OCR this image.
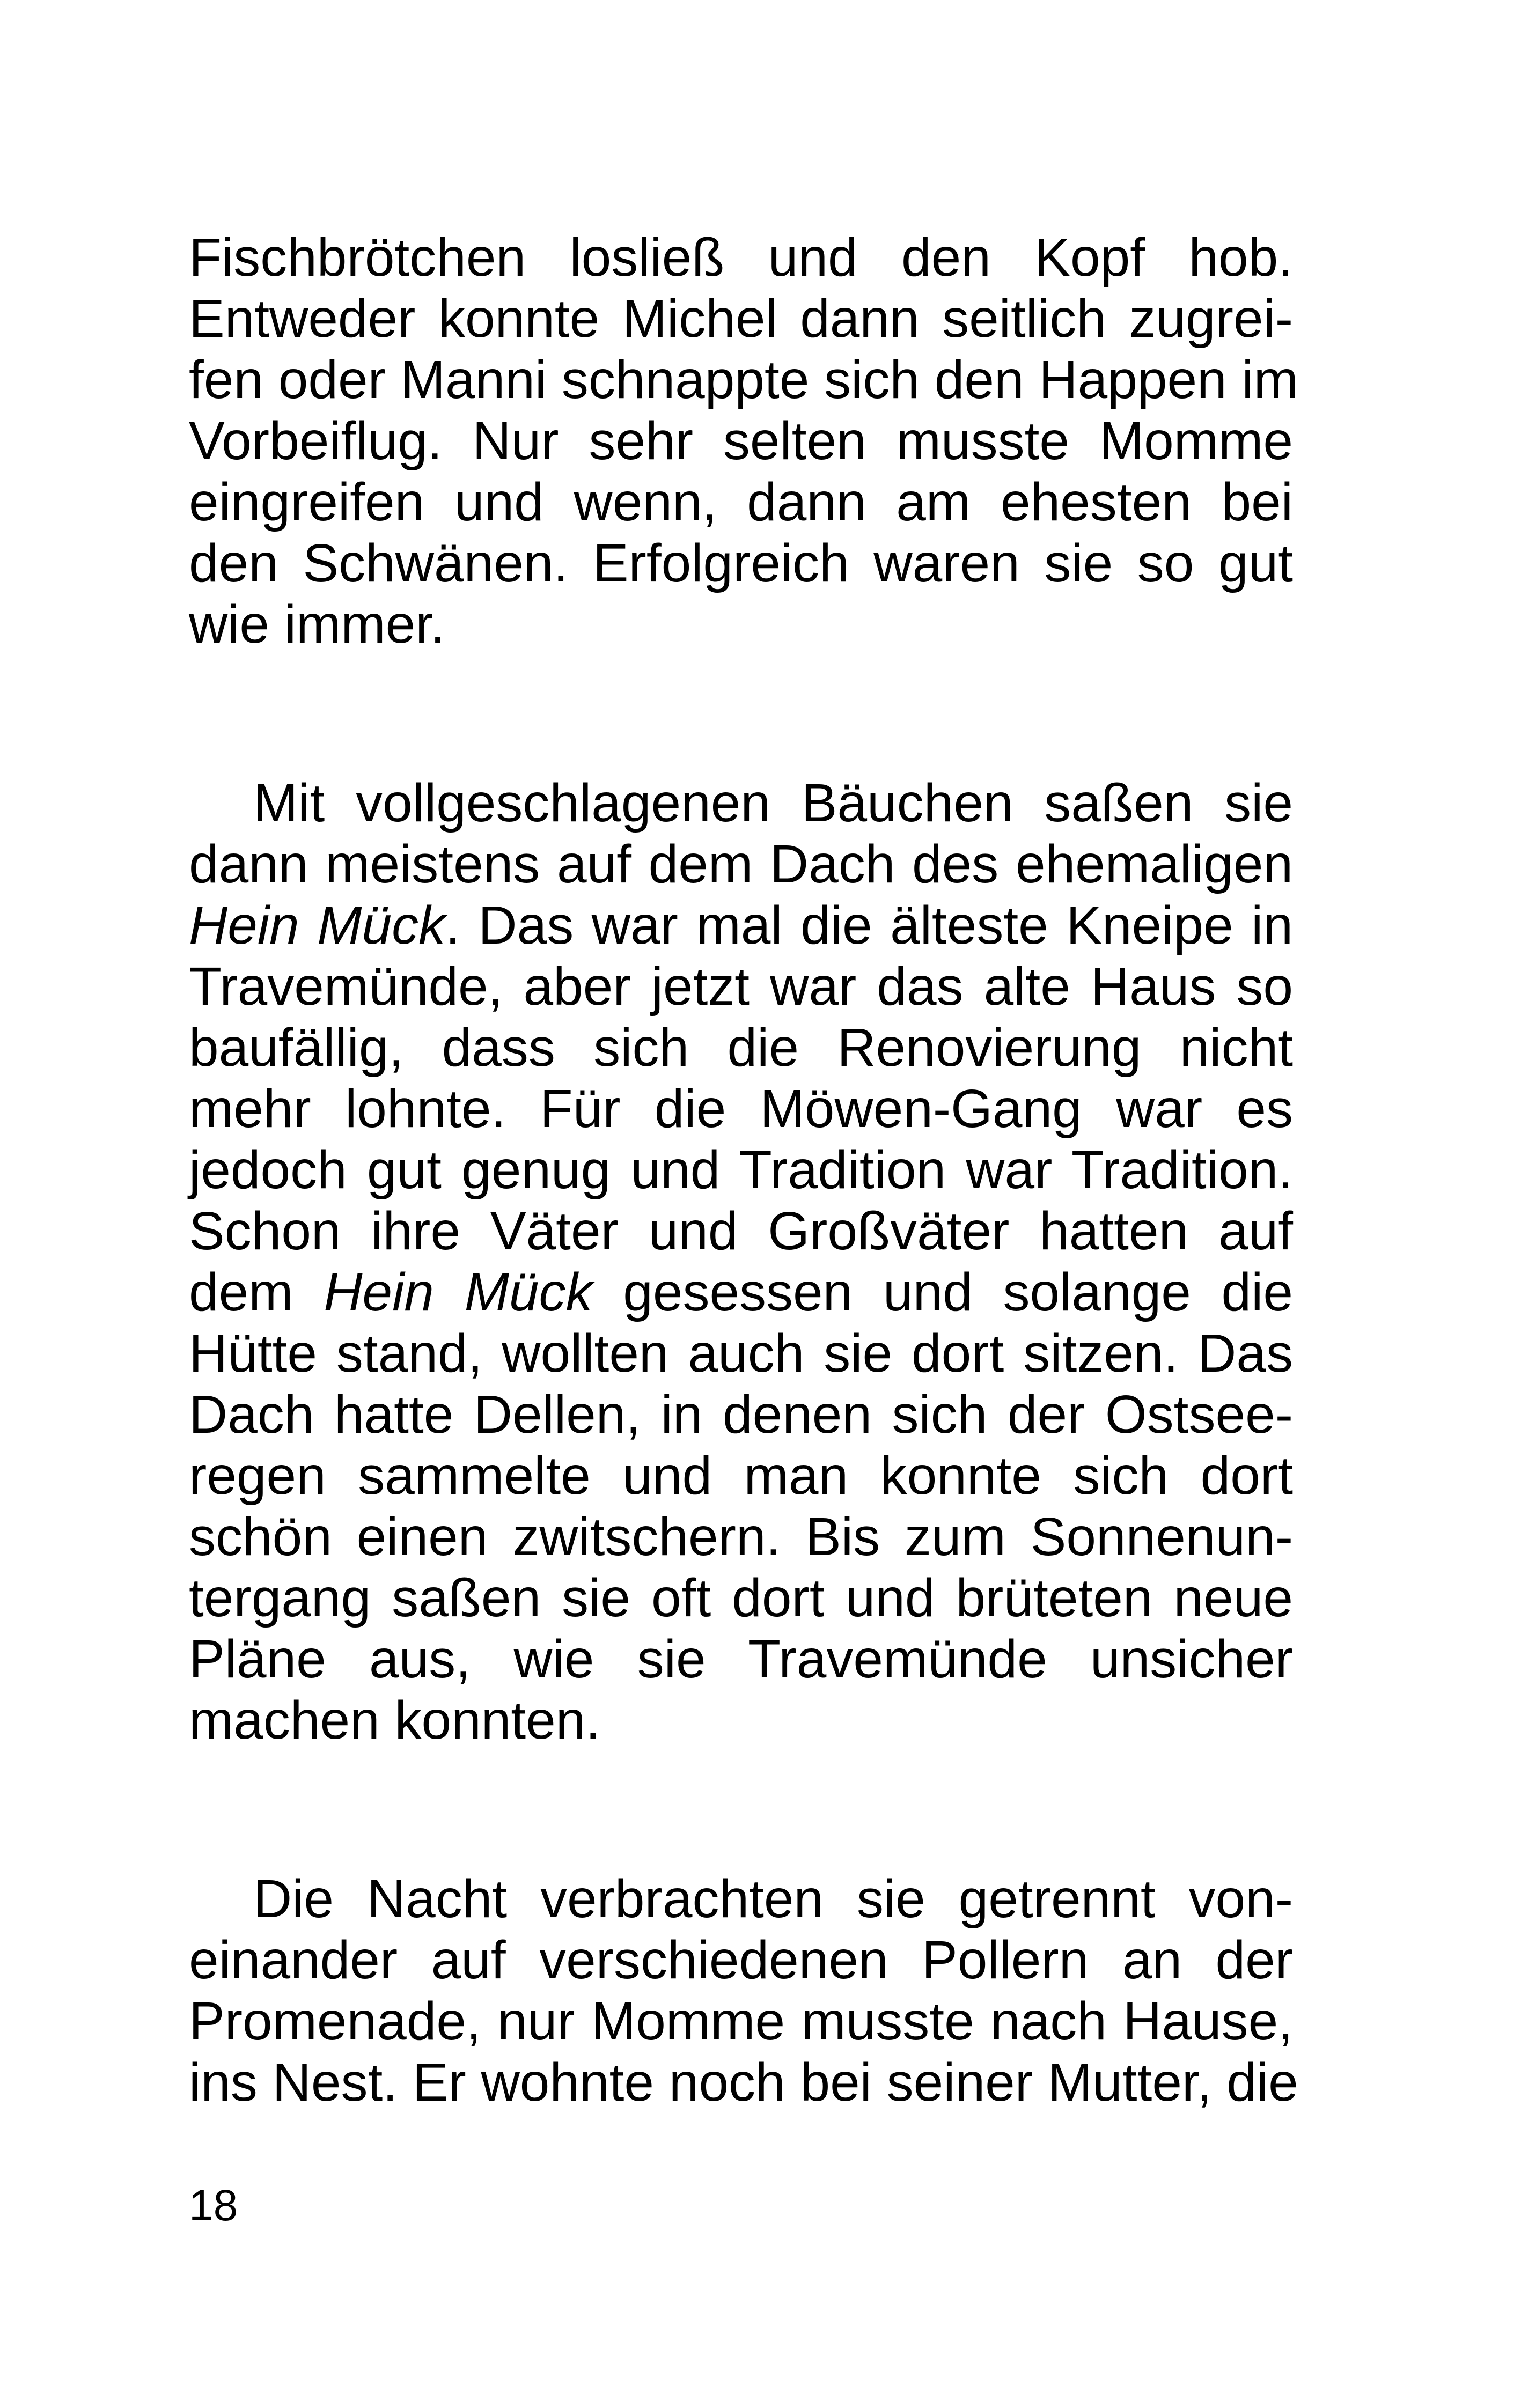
Fischbrötchen losließ und den Kopf hob.

Entweder konnte Michel dann seitlich zugrei-

fen oder Manni schnappte sich den Happen im

Vorbeiflug. Nur sehr selten musste Momme

eingreifen und wenn, dann am ehesten bei

den Schwänen. Erfolgreich waren sie so gut

wie immer.

Mit vollgeschlagenen Bäuchen saßen sie

dann meistens auf dem Dach des ehemaligen

Hein Mück. Das war mal die älteste Kneipe in

Travemünde, aber jetzt war das alte Haus so

baufällig, dass sich die Renovierung nicht

mehr lohnte. Für die Möwen-Gang war es

jedoch gut genug und Tradition war Tradition.

Schon ihre Väter und Großväter hatten auf

dem Hein Mück gesessen und solange die

Hütte stand, wollten auch sie dort sitzen. Das

Dach hatte Dellen, in denen sich der Ostsee-

regen sammelte und man konnte sich dort

schön einen zwitschern. Bis zum Sonnenun-

tergang saßen sie oft dort und brüteten neue

Pläne aus, wie sie Travemünde unsicher

machen konnten.

Die Nacht verbrachten sie getrennt von-

einander auf verschiedenen Pollern an der

Promenade, nur Momme musste nach Hause,

ins Nest. Er wohnte noch bei seiner Mutter, die

18
